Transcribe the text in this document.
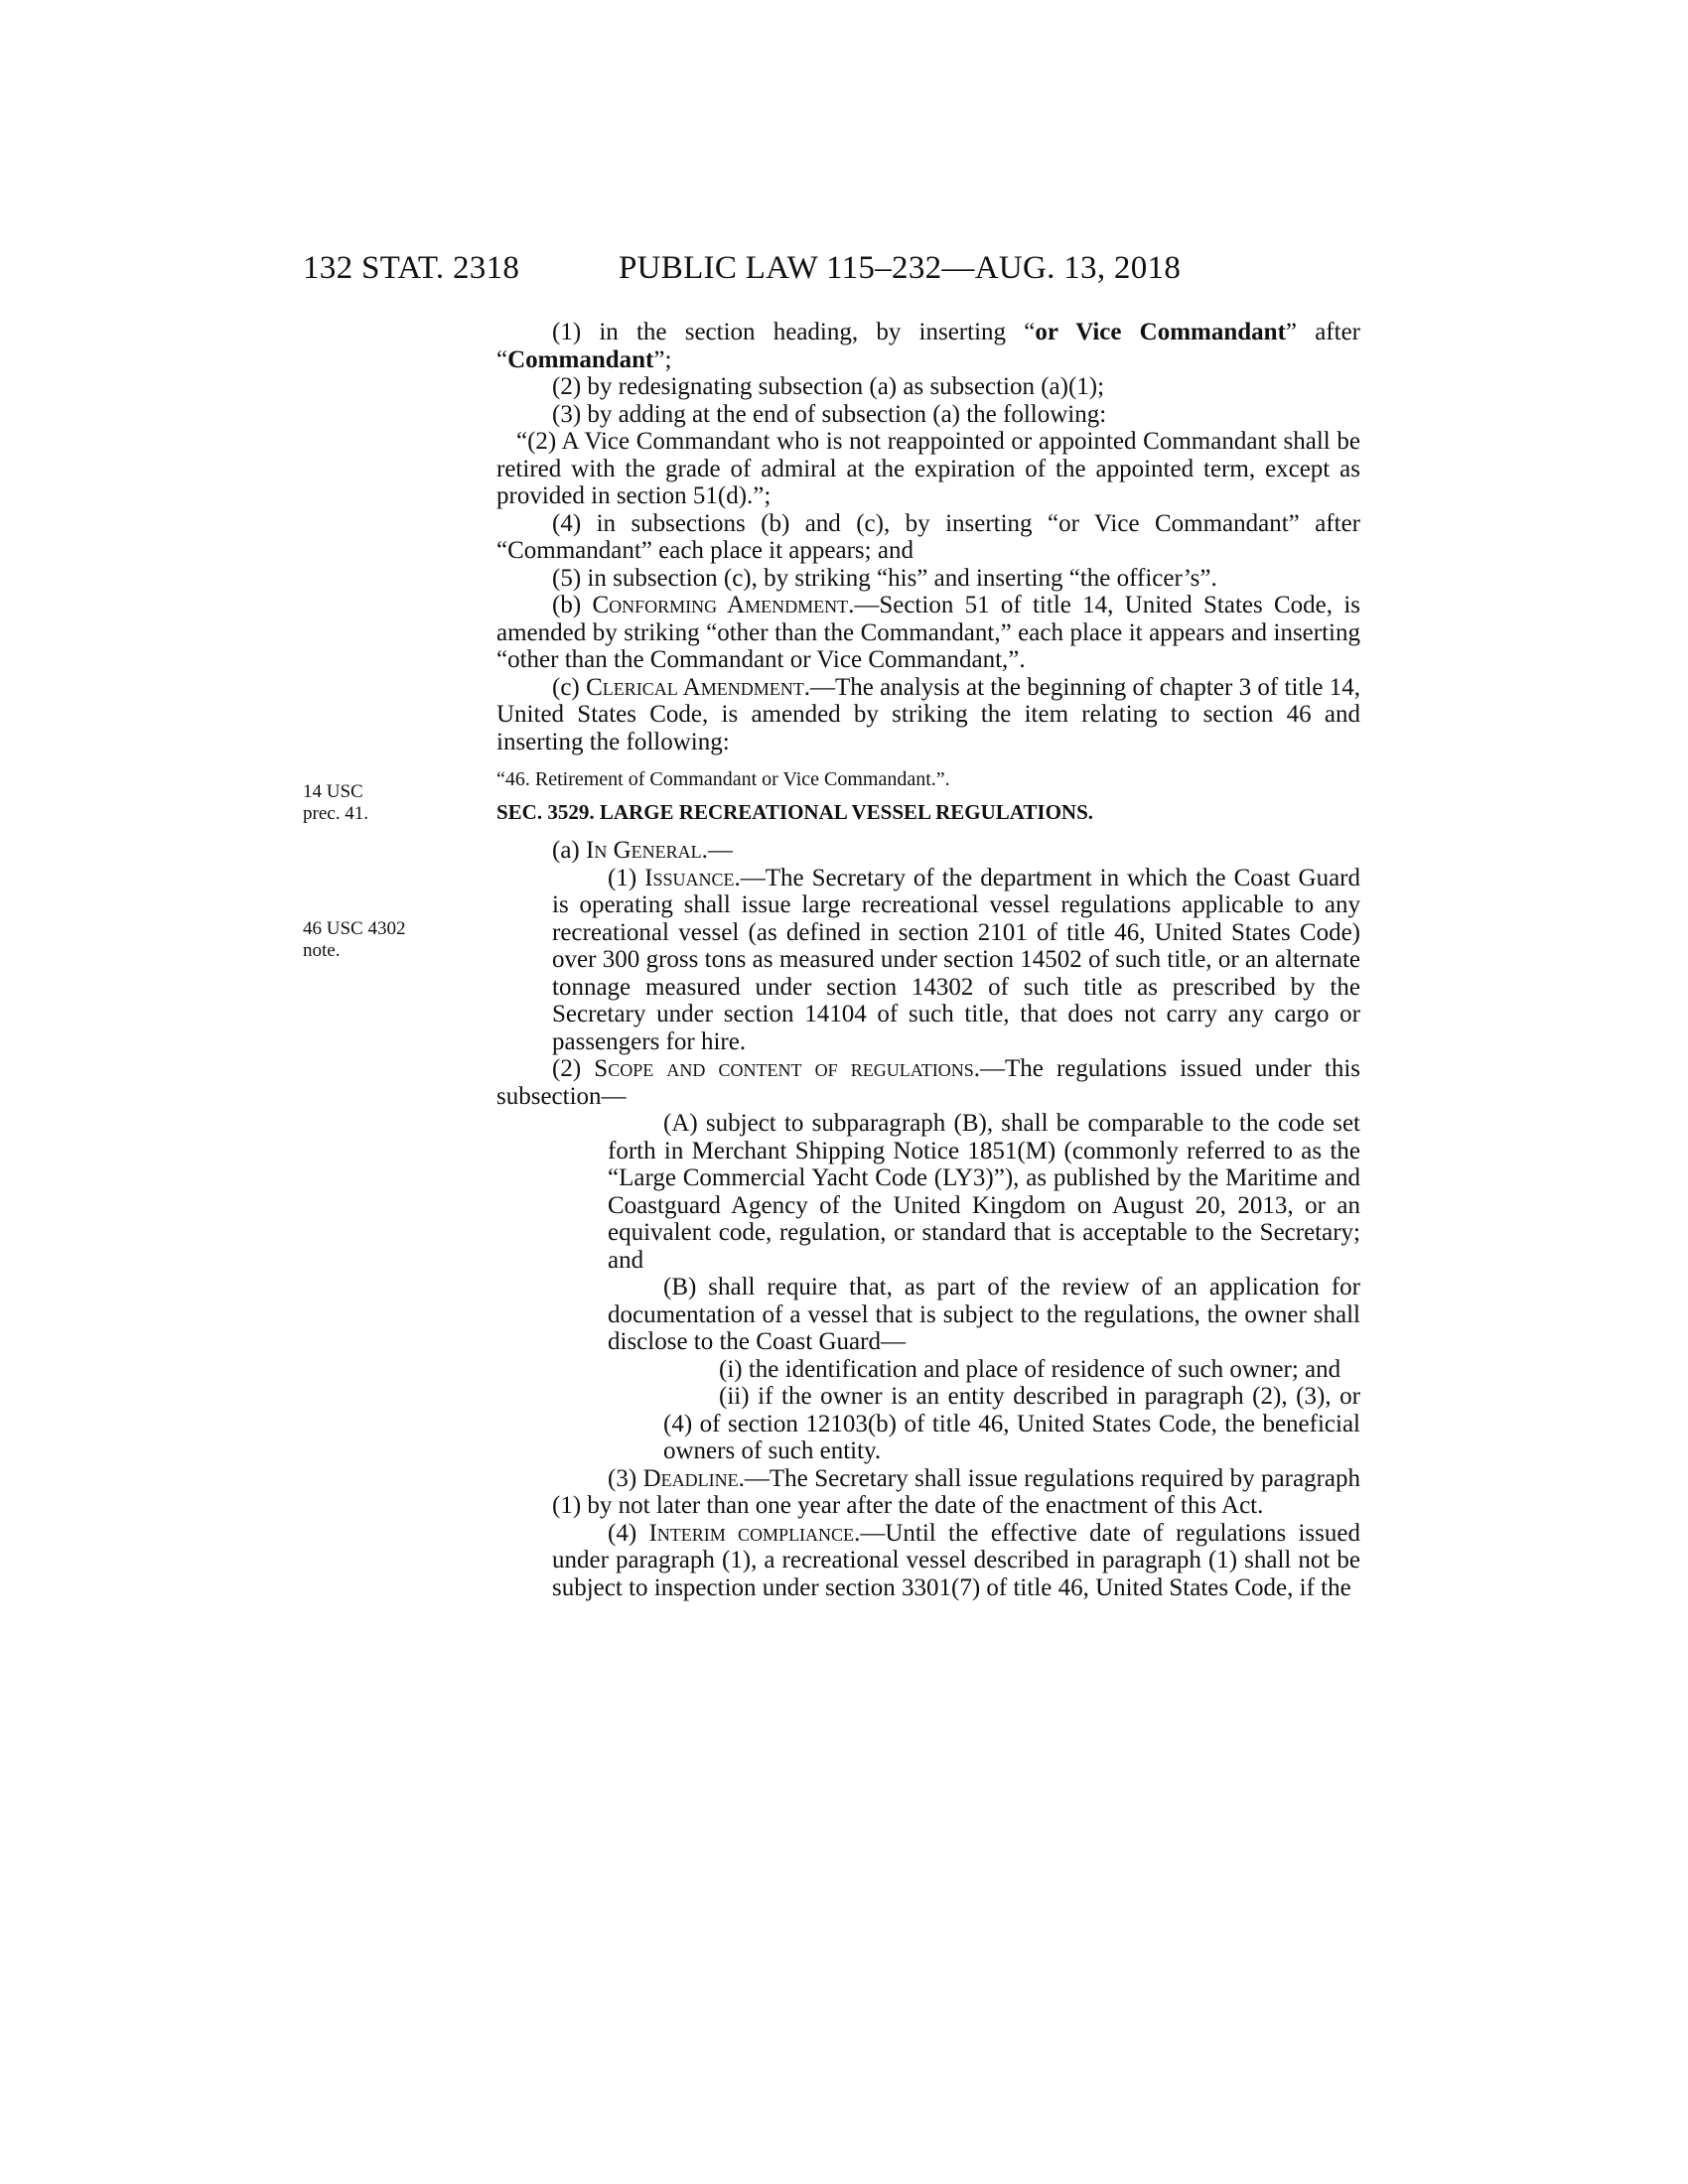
132 STAT. 2318	PUBLIC LAW 115–232—AUG. 13, 2018
14 USC
prec. 41.
46 USC 4302
note.

(1) in the section heading, by inserting “or Vice Commandant” after “Commandant”;

(2) by redesignating subsection (a) as subsection (a)(1);

(3) by adding at the end of subsection (a) the following:

“(2) A Vice Commandant who is not reappointed or appointed Commandant shall be retired with the grade of admiral at the expiration of the appointed term, except as provided in section 51(d).”;

(4) in subsections (b) and (c), by inserting “or Vice Commandant” after “Commandant” each place it appears; and

(5) in subsection (c), by striking “his” and inserting “the officer’s”.

(b) Conforming Amendment.—Section 51 of title 14, United States Code, is amended by striking “other than the Commandant,” each place it appears and inserting “other than the Commandant or Vice Commandant,”.

(c) Clerical Amendment.—The analysis at the beginning of chapter 3 of title 14, United States Code, is amended by striking the item relating to section 46 and inserting the following:

“46. Retirement of Commandant or Vice Commandant.”.

SEC. 3529. LARGE RECREATIONAL VESSEL REGULATIONS.

(a) In General.—

(1) Issuance.—The Secretary of the department in which the Coast Guard is operating shall issue large recreational vessel regulations applicable to any recreational vessel (as defined in section 2101 of title 46, United States Code) over 300 gross tons as measured under section 14502 of such title, or an alternate tonnage measured under section 14302 of such title as prescribed by the Secretary under section 14104 of such title, that does not carry any cargo or passengers for hire.

(2) Scope and content of regulations.—The regulations issued under this subsection—

(A) subject to subparagraph (B), shall be comparable to the code set forth in Merchant Shipping Notice 1851(M) (commonly referred to as the “Large Commercial Yacht Code (LY3)”), as published by the Maritime and Coastguard Agency of the United Kingdom on August 20, 2013, or an equivalent code, regulation, or standard that is acceptable to the Secretary; and

(B) shall require that, as part of the review of an application for documentation of a vessel that is subject to the regulations, the owner shall disclose to the Coast Guard—

(i) the identification and place of residence of such owner; and

(ii) if the owner is an entity described in paragraph (2), (3), or (4) of section 12103(b) of title 46, United States Code, the beneficial owners of such entity.

(3) Deadline.—The Secretary shall issue regulations required by paragraph (1) by not later than one year after the date of the enactment of this Act.

(4) Interim compliance.—Until the effective date of regulations issued under paragraph (1), a recreational vessel described in paragraph (1) shall not be subject to inspection under section 3301(7) of title 46, United States Code, if the
